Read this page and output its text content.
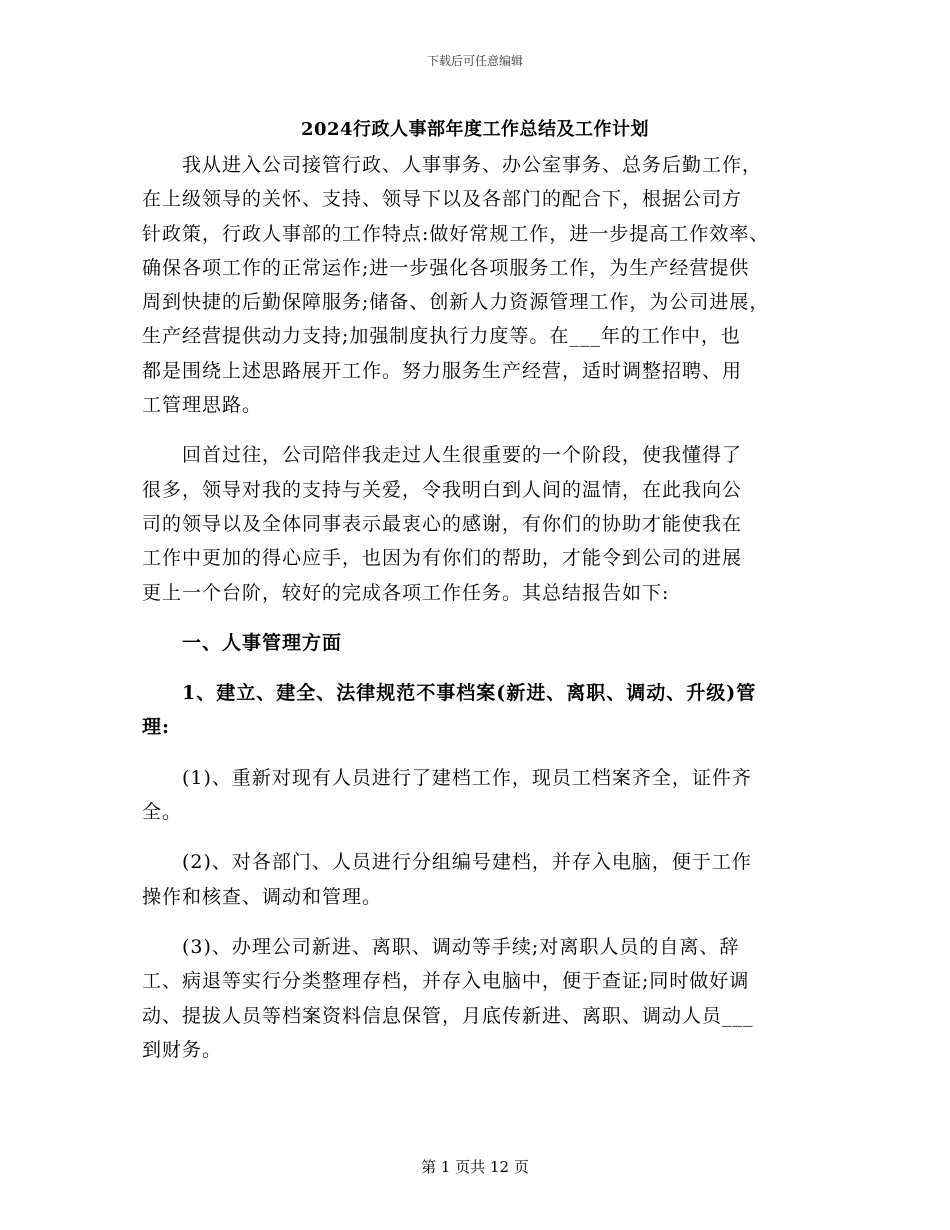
下载后可任意编辑
2024行政人事部年度工作总结及工作计划
　　我从进入公司接管行政、人事事务、办公室事务、总务后勤工作，
在上级领导的关怀、支持、领导下以及各部门的配合下，根据公司方
针政策，行政人事部的工作特点:做好常规工作，进一步提高工作效率、
确保各项工作的正常运作;进一步强化各项服务工作，为生产经营提供
周到快捷的后勤保障服务;储备、创新人力资源管理工作，为公司进展，
生产经营提供动力支持;加强制度执行力度等。在___年的工作中，也
都是围绕上述思路展开工作。努力服务生产经营，适时调整招聘、用
工管理思路。
　　回首过往，公司陪伴我走过人生很重要的一个阶段，使我懂得了
很多，领导对我的支持与关爱，令我明白到人间的温情，在此我向公
司的领导以及全体同事表示最衷心的感谢，有你们的协助才能使我在
工作中更加的得心应手，也因为有你们的帮助，才能令到公司的进展
更上一个台阶，较好的完成各项工作任务。其总结报告如下:
　　一、人事管理方面
　　1、建立、建全、法律规范不事档案(新进、离职、调动、升级)管
理:
　　(1)、重新对现有人员进行了建档工作，现员工档案齐全，证件齐
全。
　　(2)、对各部门、人员进行分组编号建档，并存入电脑，便于工作
操作和核查、调动和管理。
　　(3)、办理公司新进、离职、调动等手续;对离职人员的自离、辞
工、病退等实行分类整理存档，并存入电脑中，便于查证;同时做好调
动、提拔人员等档案资料信息保管，月底传新进、离职、调动人员___
到财务。
第 1 页共 12 页
